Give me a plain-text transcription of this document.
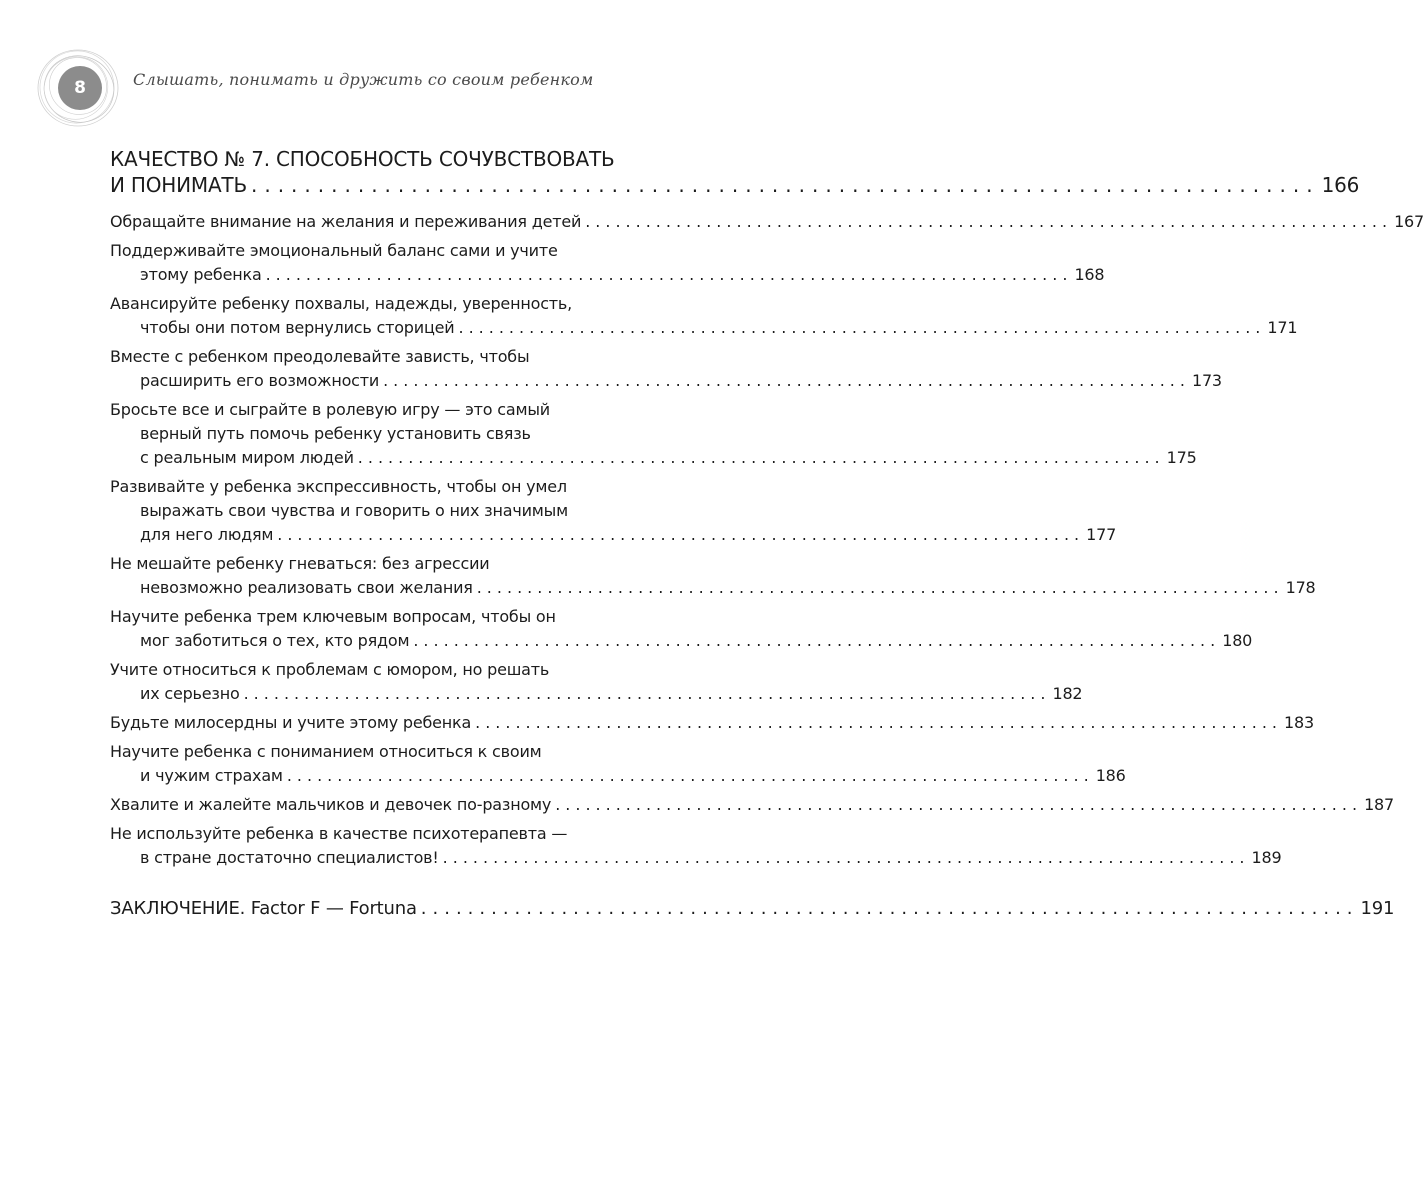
8	Слышать, понимать и дружить со своим ребенком
КАЧЕСТВО № 7. СПОСОБНОСТЬ СОЧУВСТВОВАТЬ
И ПОНИМАТЬ ................................................................................ 166
Обращайте внимание на желания и переживания детей ................................................................................ 167
Поддерживайте эмоциональный баланс сами и учите
этому ребенка ................................................................................ 168
Авансируйте ребенку похвалы, надежды, уверенность,
чтобы они потом вернулись сторицей ................................................................................ 171
Вместе с ребенком преодолевайте зависть, чтобы
расширить его возможности ................................................................................ 173
Бросьте все и сыграйте в ролевую игру — это самый
верный путь помочь ребенку установить связь
с реальным миром людей ................................................................................ 175
Развивайте у ребенка экспрессивность, чтобы он умел
выражать свои чувства и говорить о них значимым
для него людям ................................................................................ 177
Не мешайте ребенку гневаться: без агрессии
невозможно реализовать свои желания ................................................................................ 178
Научите ребенка трем ключевым вопросам, чтобы он
мог заботиться о тех, кто рядом ................................................................................ 180
Учите относиться к проблемам с юмором, но решать
их серьезно ................................................................................ 182
Будьте милосердны и учите этому ребенка ................................................................................ 183
Научите ребенка с пониманием относиться к своим
и чужим страхам ................................................................................ 186
Хвалите и жалейте мальчиков и девочек по-разному ................................................................................ 187
Не используйте ребенка в качестве психотерапевта —
в стране достаточно специалистов! ................................................................................ 189
ЗАКЛЮЧЕНИЕ. Factor F — Fortuna ................................................................................ 191
